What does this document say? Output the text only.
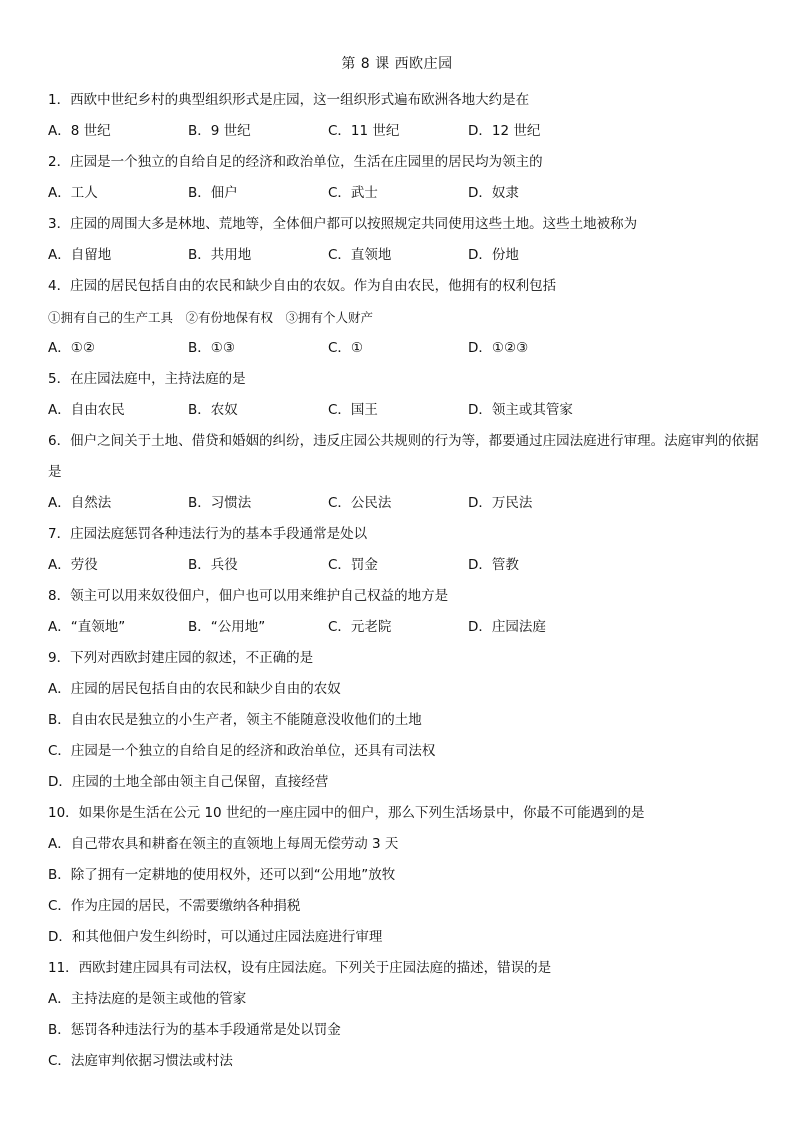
第 8 课 西欧庄园

1．西欧中世纪乡村的典型组织形式是庄园，这一组织形式遍布欧洲各地大约是在

A．8 世纪	B．9 世纪	C．11 世纪	D．12 世纪

2．庄园是一个独立的自给自足的经济和政治单位，生活在庄园里的居民均为领主的

A．工人	B．佃户	C．武士	D．奴隶

3．庄园的周围大多是林地、荒地等，全体佃户都可以按照规定共同使用这些土地。这些土地被称为

A．自留地	B．共用地	C．直领地	D．份地

4．庄园的居民包括自由的农民和缺少自由的农奴。作为自由农民，他拥有的权利包括

①拥有自己的生产工具　②有份地保有权　③拥有个人财产

A．①②	B．①③	C．①	D．①②③

5．在庄园法庭中，主持法庭的是

A．自由农民	B．农奴	C．国王	D．领主或其管家

6．佃户之间关于土地、借贷和婚姻的纠纷，违反庄园公共规则的行为等，都要通过庄园法庭进行审理。法庭审判的依据是

A．自然法	B．习惯法	C．公民法	D．万民法

7．庄园法庭惩罚各种违法行为的基本手段通常是处以

A．劳役	B．兵役	C．罚金	D．管教

8．领主可以用来奴役佃户，佃户也可以用来维护自己权益的地方是

A．“直领地”	B．“公用地”	C．元老院	D．庄园法庭

9．下列对西欧封建庄园的叙述，不正确的是

A．庄园的居民包括自由的农民和缺少自由的农奴

B．自由农民是独立的小生产者，领主不能随意没收他们的土地

C．庄园是一个独立的自给自足的经济和政治单位，还具有司法权

D．庄园的土地全部由领主自己保留，直接经营

10．如果你是生活在公元 10 世纪的一座庄园中的佃户，那么下列生活场景中，你最不可能遇到的是

A．自己带农具和耕畜在领主的直领地上每周无偿劳动 3 天

B．除了拥有一定耕地的使用权外，还可以到“公用地”放牧

C．作为庄园的居民，不需要缴纳各种捐税

D．和其他佃户发生纠纷时，可以通过庄园法庭进行审理

11．西欧封建庄园具有司法权，设有庄园法庭。下列关于庄园法庭的描述，错误的是

A．主持法庭的是领主或他的管家

B．惩罚各种违法行为的基本手段通常是处以罚金

C．法庭审判依据习惯法或村法
